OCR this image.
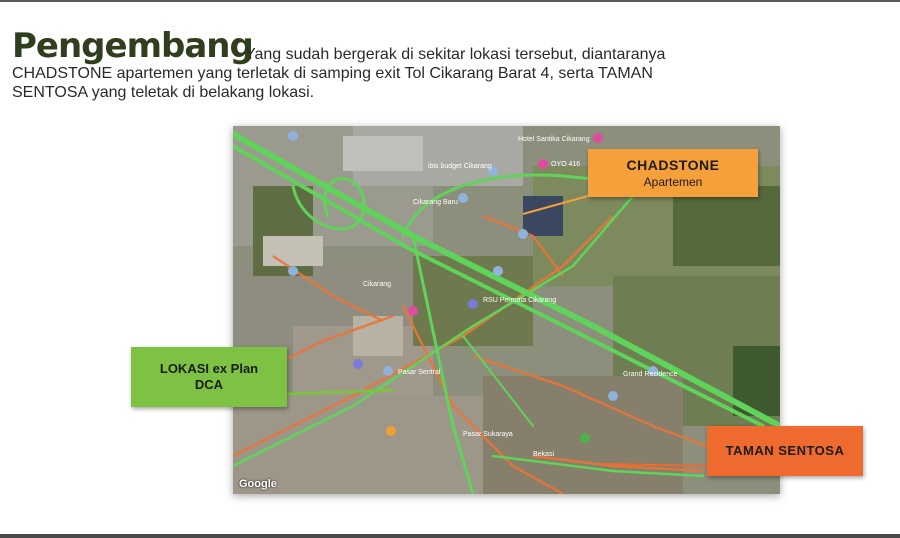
Pengembang
Yang sudah bergerak di sekitar lokasi tersebut, diantaranya
CHADSTONE apartemen yang terletak di samping exit Tol Cikarang Barat 4, serta TAMAN SENTOSA yang teletak di belakang lokasi.
Hotel Santika Cikarang
ibis budget Cikarang	OYO 416
Cikarang Baru
RSU Permata Cikarang
Pasar Sentral
Pasar Sukaraya
Cikarang
Grand Residence
Bekasi
Google
CHADSTONE
Apartemen
LOKASI ex Plan
DCA
TAMAN SENTOSA
